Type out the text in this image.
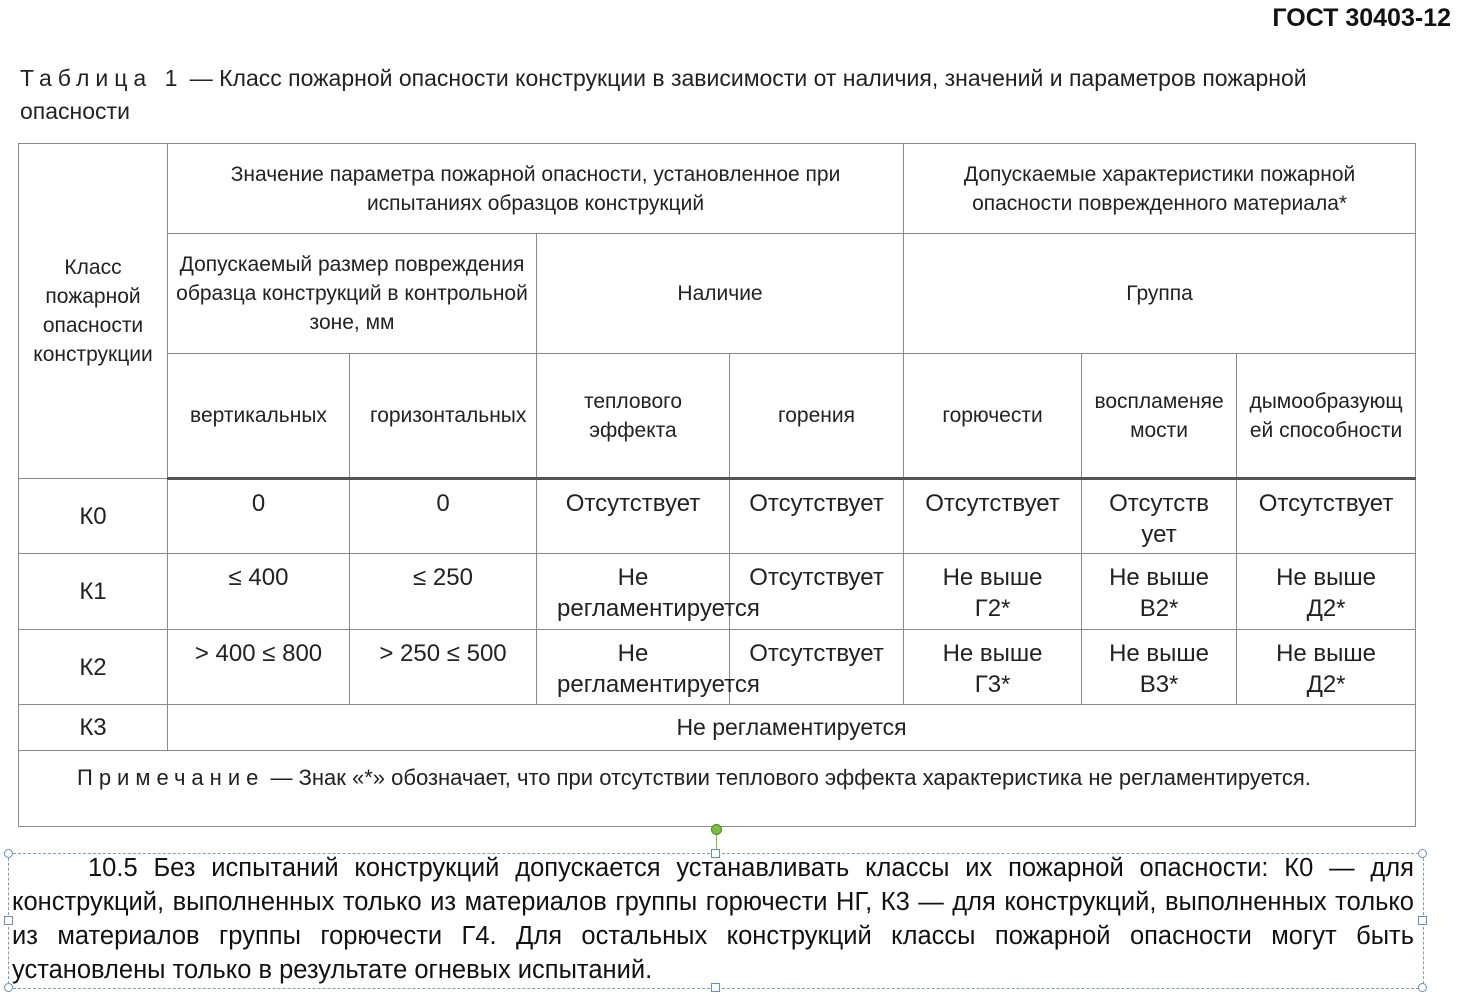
ГОСТ 30403-12
Таблица 1 — Класс пожарной опасности конструкции в зависимости от наличия, значений и параметров пожарной опасности
Класс пожарной опасности конструкции	Значение параметра пожарной опасности, установленное при испытаниях образцов конструкций				Допускаемые характеристики пожарной опасности поврежденного материала*		
	Допускаемый размер повреждения образца конструкций в контрольной зоне, мм		Наличие		Группа		
	вертикальных	горизонтальных	теплового эффекта	горения	горючести	воспламеняемости	дымообразующей способности
К0	0	0	Отсутствует	Отсутствует	Отсутствует	Отсутствует	Отсутствует
К1	≤ 400	≤ 250	Не регламентируется	Отсутствует	Не выше Г2*	Не выше В2*	Не выше Д2*
К2	> 400 ≤ 800	> 250 ≤ 500	Не регламентируется	Отсутствует	Не выше Г3*	Не выше В3*	Не выше Д2*
К3	Не регламентируется						
Примечание — Знак «*» обозначает, что при отсутствии теплового эффекта характеристика не регламентируется.							
10.5 Без испытаний конструкций допускается устанавливать классы их пожарной опасности: К0 — для конструкций, выполненных только из материалов группы горючести НГ, К3 — для конструкций, выполненных только из материалов группы горючести Г4. Для остальных конструкций классы пожарной опасности могут быть установлены только в результате огневых испытаний.
